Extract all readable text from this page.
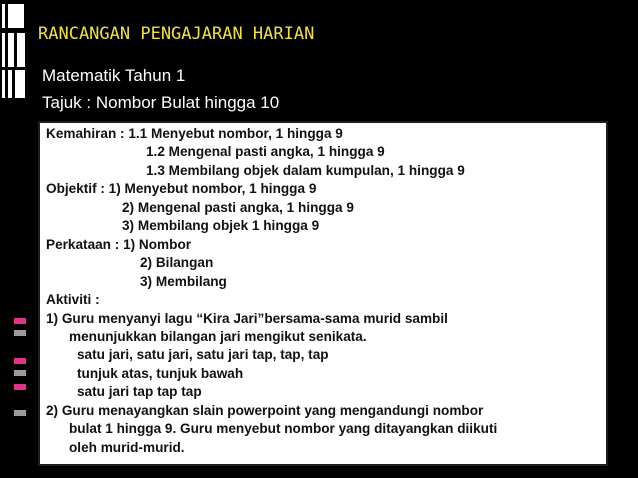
RANCANGAN PENGAJARAN HARIAN
Matematik Tahun 1
Tajuk : Nombor Bulat hingga 10
Kemahiran : 1.1 Menyebut nombor, 1 hingga 9
1.2 Mengenal pasti angka, 1 hingga 9
1.3 Membilang objek dalam kumpulan, 1 hingga 9
Objektif : 1) Menyebut nombor, 1 hingga 9
2) Mengenal pasti angka, 1 hingga 9
3) Membilang objek 1 hingga 9
Perkataan : 1) Nombor
2) Bilangan
3) Membilang
Aktiviti :
1) Guru menyanyi lagu “Kira Jari”bersama-sama murid sambil
menunjukkan bilangan jari mengikut senikata.
satu jari, satu jari, satu jari tap, tap, tap
tunjuk atas, tunjuk bawah
satu jari tap tap tap
2) Guru menayangkan slain powerpoint yang mengandungi nombor
bulat 1 hingga 9. Guru menyebut nombor yang ditayangkan diikuti
oleh murid-murid.
